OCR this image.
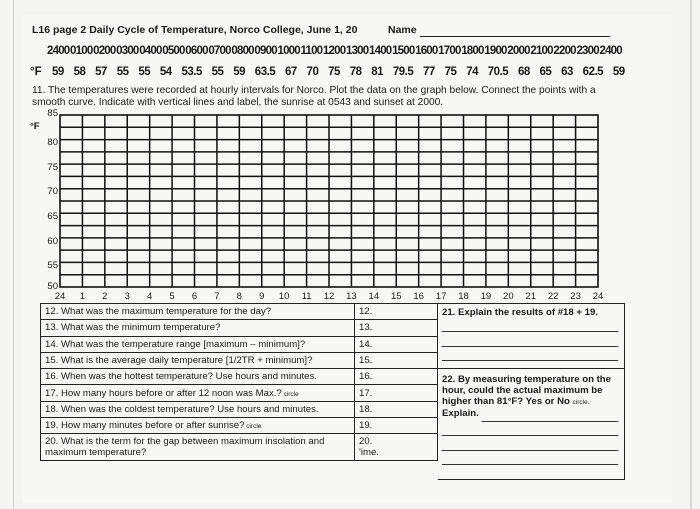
L16 page 2 Daily Cycle of Temperature, Norco College, June 1, 20	Name
2400 0100 0200 0300 0400 0500 0600 0700 0800 0900 1000 1100 1200 1300 1400 1500 1600 1700 1800 1900 2000 2100 2200 2300 2400
°F 59 58 57 55 55 54 53.5 55 59 63.5 67 70 75 78 81 79.5 77 75 74 70.5 68 65 63 62.5 59
11. The temperatures were recorded at hourly intervals for Norco. Plot the data on the graph below. Connect the points with a smooth curve. Indicate with vertical lines and label, the sunrise at 0543 and sunset at 2000.
°F
85
80
75
70
65
60
55
50
24 1 2 3 4 5 6 7 8 9 10 11 12 13 14 15 16 17 18 19 20 21 22 23 24
12. What was the maximum temperature for the day?	12.
13. What was the minimum temperature?	13.
14. What was the temperature range [maximum – minimum]?	14.
15. What is the average daily temperature [1/2TR + minimum]?	15.
16. When was the hottest temperature? Use hours and minutes.	16.
17. How many hours before or after 12 noon was Max.? circle	17.
18. When was the coldest temperature? Use hours and minutes.	18.
19. How many minutes before or after sunrise? circle	19.
20. What is the term for the gap between maximum insolation and maximum temperature?	20.
'ime.
21. Explain the results of #18 + 19.
22. By measuring temperature on the hour, could the actual maximum be higher than 81°F? Yes or No circle.
Explain.
